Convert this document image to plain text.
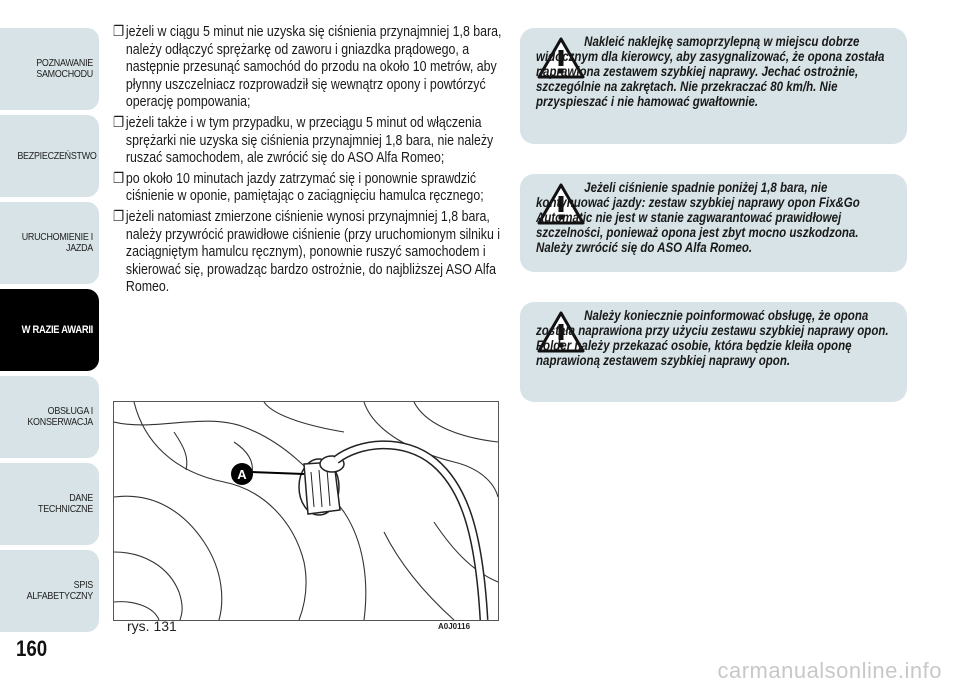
POZNAWANIE SAMOCHODU
BEZPIECZEŃSTWO
URUCHOMIENIE I JAZDA
W RAZIE AWARII
OBSŁUGA I KONSERWACJA
DANE TECHNICZNE
SPIS ALFABETYCZNY
160
❐ jeżeli w ciągu 5 minut nie uzyska się ciśnienia przynajmniej 1,8 bara, należy odłączyć sprężarkę od zaworu i gniazdka prądowego, a następnie przesunąć samochód do przodu na około 10 metrów, aby płynny uszczelniacz rozprowadził się wewnątrz opony i powtórzyć operację pompowania;
❐ jeżeli także i w tym przypadku, w przeciągu 5 minut od włączenia sprężarki nie uzyska się ciśnienia przynajmniej 1,8 bara, nie należy ruszać samochodem, ale zwrócić się do ASO Alfa Romeo;
❐ po około 10 minutach jazdy zatrzymać się i ponownie sprawdzić ciśnienie w oponie, pamiętając o zaciągnięciu hamulca ręcznego;
❐ jeżeli natomiast zmierzone ciśnienie wynosi przynajmniej 1,8 bara, należy przywrócić prawidłowe ciśnienie (przy uruchomionym silniku i zaciągniętym hamulcu ręcznym), ponownie ruszyć samochodem i skierować się, prowadząc bardzo ostrożnie, do najbliższej ASO Alfa Romeo.
A
rys. 131	A0J0116

Nakleić naklejkę samoprzylepną w miejscu dobrze widocznym dla kierowcy, aby zasygnalizować, że opona została naprawiona zestawem szybkiej naprawy. Jechać ostrożnie, szczególnie na zakrętach. Nie przekraczać 80 km/h. Nie przyspieszać i nie hamować gwałtownie.

Jeżeli ciśnienie spadnie poniżej 1,8 bara, nie kontynuować jazdy: zestaw szybkiej naprawy opon Fix&Go Automatic nie jest w stanie zagwarantować prawidłowej szczelności, ponieważ opona jest zbyt mocno uszkodzona. Należy zwrócić się do ASO Alfa Romeo.

Należy koniecznie poinformować obsługę, że opona została naprawiona przy użyciu zestawu szybkiej naprawy opon. Folder należy przekazać osobie, która będzie kleiła oponę naprawioną zestawem szybkiej naprawy opon.

carmanualsonline.info
